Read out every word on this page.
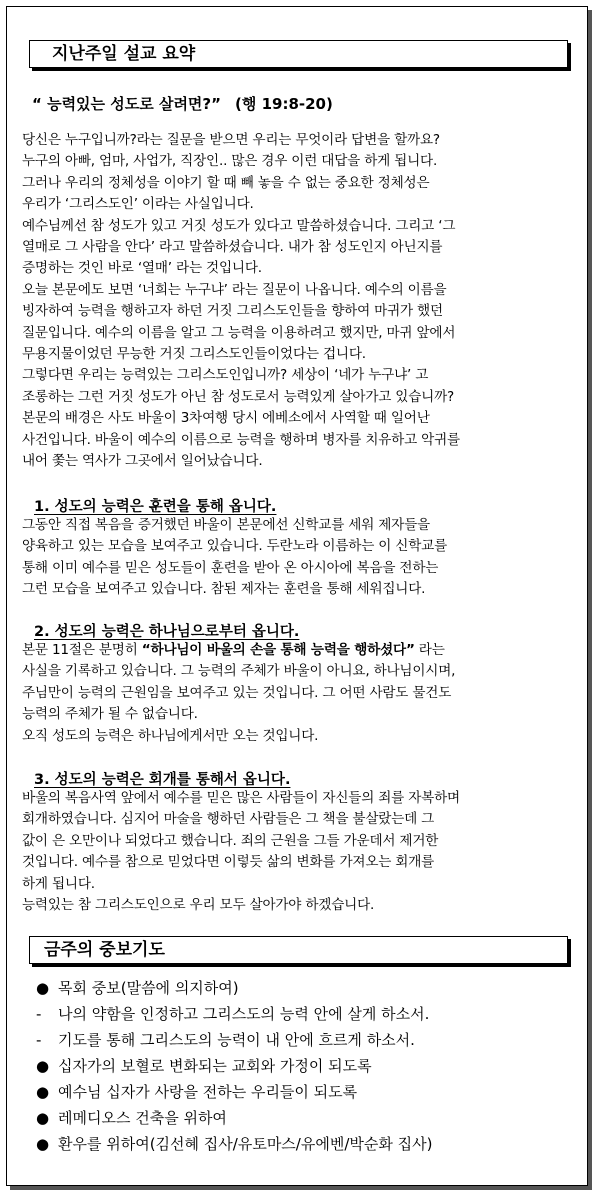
지난주일 설교 요약
“ 능력있는 성도로 살려면?” (행 19:8-20)
당신은 누구입니까?라는 질문을 받으면 우리는 무엇이라 답변을 할까요?
누구의 아빠, 엄마, 사업가, 직장인.. 많은 경우 이런 대답을 하게 됩니다.
그러나 우리의 정체성을 이야기 할 때 빼 놓을 수 없는 중요한 정체성은
우리가 ‘그리스도인’ 이라는 사실입니다.
예수님께선 참 성도가 있고 거짓 성도가 있다고 말씀하셨습니다. 그리고 ‘그
열매로 그 사람을 안다’ 라고 말씀하셨습니다. 내가 참 성도인지 아닌지를
증명하는 것인 바로 ‘열매’ 라는 것입니다.
오늘 본문에도 보면 ‘너희는 누구냐’ 라는 질문이 나옵니다. 예수의 이름을
빙자하여 능력을 행하고자 하던 거짓 그리스도인들을 향하여 마귀가 했던
질문입니다. 예수의 이름을 알고 그 능력을 이용하려고 했지만, 마귀 앞에서
무용지물이었던 무능한 거짓 그리스도인들이었다는 겁니다.
그렇다면 우리는 능력있는 그리스도인입니까? 세상이 ‘네가 누구냐’ 고
조롱하는 그런 거짓 성도가 아닌 참 성도로서 능력있게 살아가고 있습니까?
본문의 배경은 사도 바울이 3차여행 당시 에베소에서 사역할 때 일어난
사건입니다. 바울이 예수의 이름으로 능력을 행하며 병자를 치유하고 악귀를
내어 쫓는 역사가 그곳에서 일어났습니다.
1. 성도의 능력은 훈련을 통해 옵니다.
그동안 직접 복음을 증거했던 바울이 본문에선 신학교를 세워 제자들을
양육하고 있는 모습을 보여주고 있습니다. 두란노라 이름하는 이 신학교를
통해 이미 예수를 믿은 성도들이 훈련을 받아 온 아시아에 복음을 전하는
그런 모습을 보여주고 있습니다. 참된 제자는 훈련을 통해 세워집니다.
2. 성도의 능력은 하나님으로부터 옵니다.
본문 11절은 분명히 “하나님이 바울의 손을 통해 능력을 행하셨다” 라는
사실을 기록하고 있습니다. 그 능력의 주체가 바울이 아니요, 하나님이시며,
주님만이 능력의 근원임을 보여주고 있는 것입니다. 그 어떤 사람도 물건도
능력의 주체가 될 수 없습니다.
오직 성도의 능력은 하나님에게서만 오는 것입니다.
3. 성도의 능력은 회개를 통해서 옵니다.
바울의 복음사역 앞에서 예수를 믿은 많은 사람들이 자신들의 죄를 자복하며
회개하였습니다. 심지어 마술을 행하던 사람들은 그 책을 불살랐는데 그
값이 은 오만이나 되었다고 했습니다. 죄의 근원을 그들 가운데서 제거한
것입니다. 예수를 참으로 믿었다면 이렇듯 삶의 변화를 가져오는 회개를
하게 됩니다.
능력있는 참 그리스도인으로 우리 모두 살아가야 하겠습니다.
금주의 중보기도
● 목회 중보(말씀에 의지하여)
-	나의 약함을 인정하고 그리스도의 능력 안에 살게 하소서.
-	기도를 통해 그리스도의 능력이 내 안에 흐르게 하소서.
● 십자가의 보혈로 변화되는 교회와 가정이 되도록
● 예수님 십자가 사랑을 전하는 우리들이 되도록
● 레메디오스 건축을 위하여
● 환우를 위하여(김선혜 집사/유토마스/유에벤/박순화 집사)
